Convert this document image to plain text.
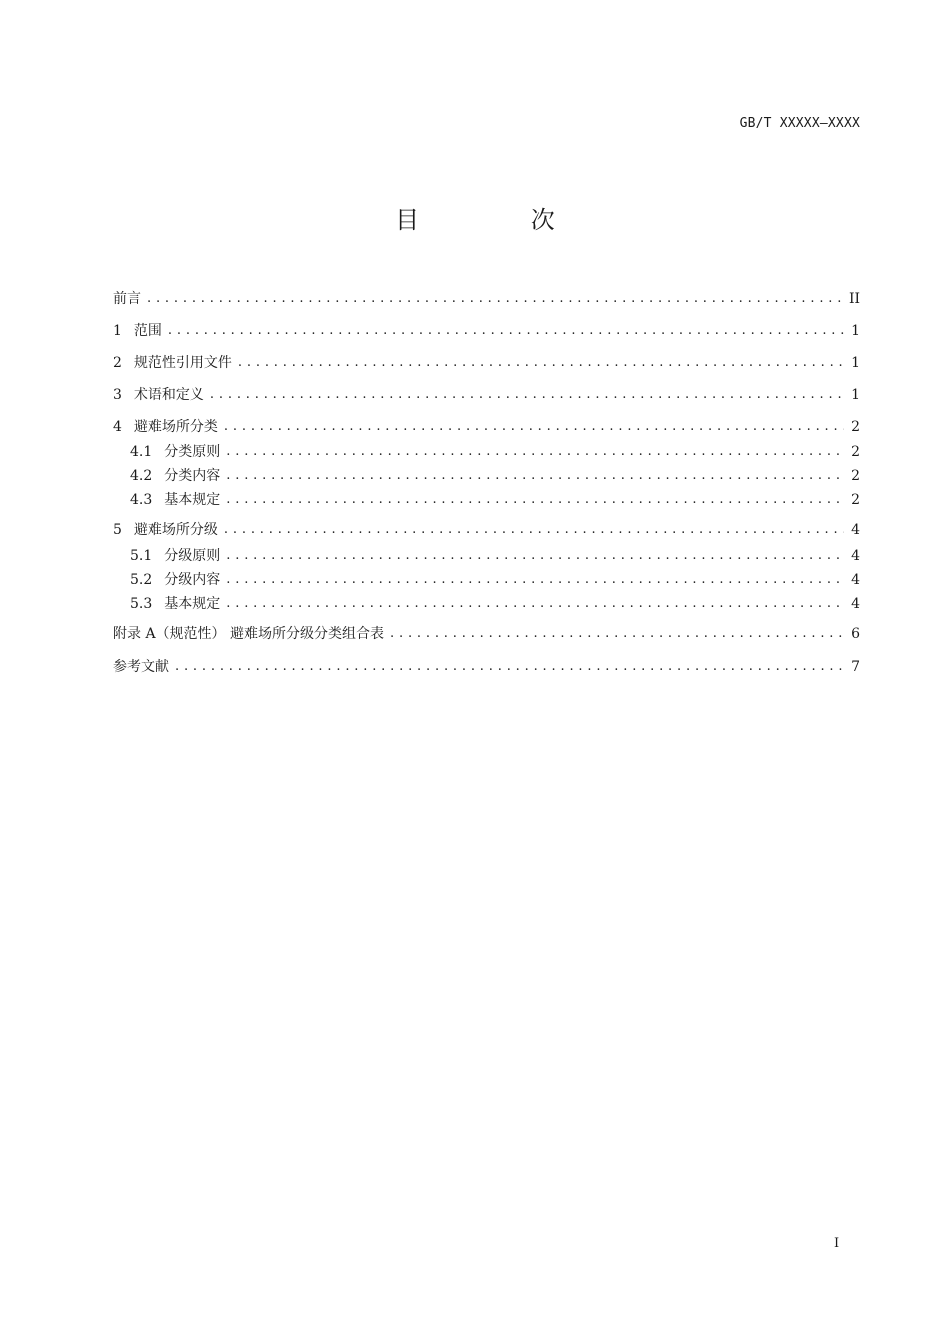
GB/T XXXXX—XXXX
目 次
前言 . . .	II
1 范围 . . .	1
2 规范性引用文件 . . .	1
3 术语和定义 . . .	1
4 避难场所分类 . . .	2
4.1 分类原则 . . .	2
4.2 分类内容 . . .	2
4.3 基本规定 . . .	2
5 避难场所分级 . . .	4
5.1 分级原则 . . .	4
5.2 分级内容 . . .	4
5.3 基本规定 . . .	4
附录 A（规范性） 避难场所分级分类组合表 . . .	6
参考文献 . . .	7
I
